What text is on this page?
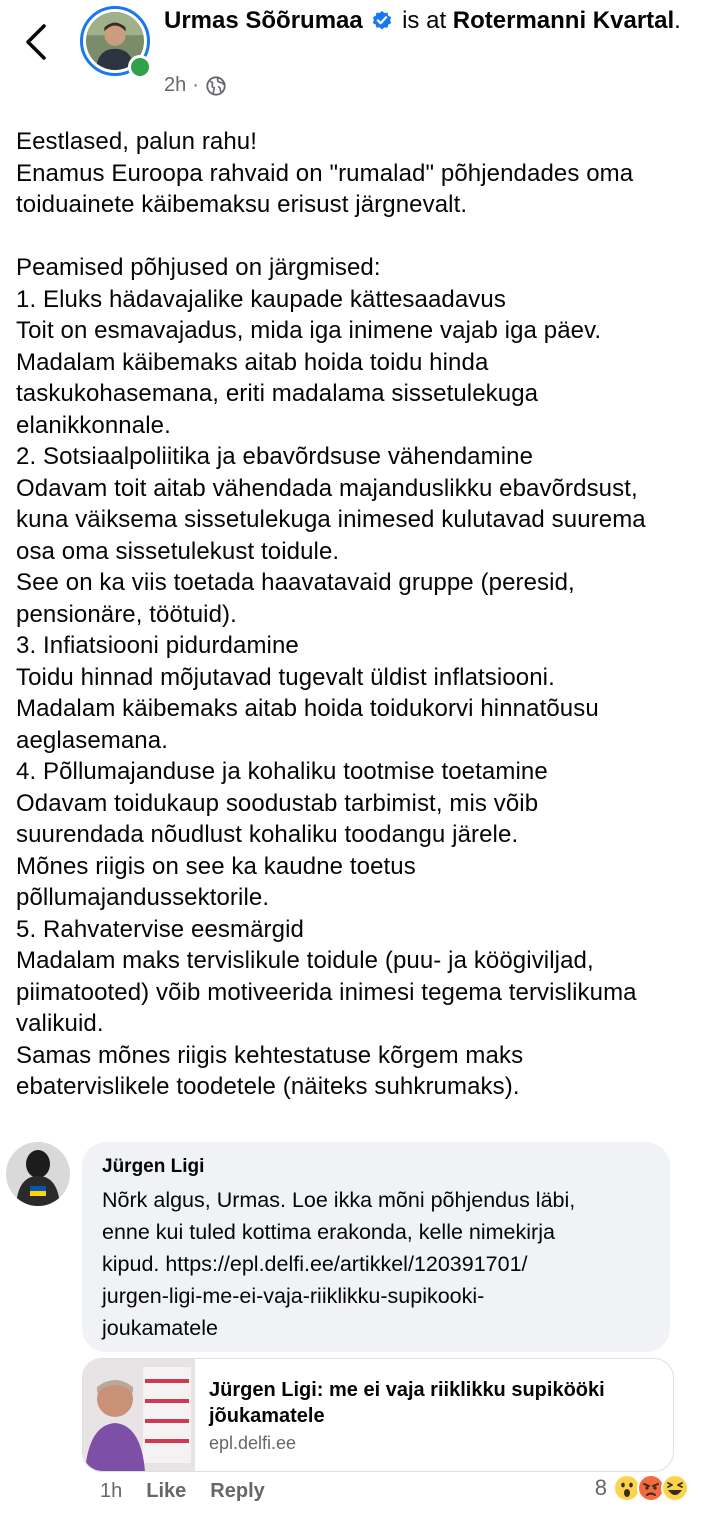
Urmas Sõõrumaa is at Rotermanni Kvartal.
2h ·
Eestlased, palun rahu!
Enamus Euroopa rahvaid on "rumalad" põhjendades oma
toiduainete käibemaksu erisust järgnevalt.
Peamised põhjused on järgmised:
1. Eluks hädavajalike kaupade kättesaadavus
Toit on esmavajadus, mida iga inimene vajab iga päev.
Madalam käibemaks aitab hoida toidu hinda
taskukohasemana, eriti madalama sissetulekuga
elanikkonnale.
2. Sotsiaalpoliitika ja ebavõrdsuse vähendamine
Odavam toit aitab vähendada majanduslikku ebavõrdsust,
kuna väiksema sissetulekuga inimesed kulutavad suurema
osa oma sissetulekust toidule.
See on ka viis toetada haavatavaid gruppe (peresid,
pensionäre, töötuid).
3. Infiatsiooni pidurdamine
Toidu hinnad mõjutavad tugevalt üldist inflatsiooni.
Madalam käibemaks aitab hoida toidukorvi hinnatõusu
aeglasemana.
4. Põllumajanduse ja kohaliku tootmise toetamine
Odavam toidukaup soodustab tarbimist, mis võib
suurendada nõudlust kohaliku toodangu järele.
Mõnes riigis on see ka kaudne toetus
põllumajandussektorile.
5. Rahvatervise eesmärgid
Madalam maks tervislikule toidule (puu- ja köögiviljad,
piimatooted) võib motiveerida inimesi tegema tervislikuma
valikuid.
Samas mõnes riigis kehtestatuse kõrgem maks
ebatervislikele toodetele (näiteks suhkrumaks).
Jürgen Ligi
Nõrk algus, Urmas. Loe ikka mõni põhjendus läbi,
enne kui tuled kottima erakonda, kelle nimekirja
kipud. https://epl.delfi.ee/artikkel/120391701/
jurgen-ligi-me-ei-vaja-riiklikku-supikooki-
joukamatele
Jürgen Ligi: me ei vaja riiklikku supikööki jõukamatele
epl.delfi.ee
1h Like Reply	8
